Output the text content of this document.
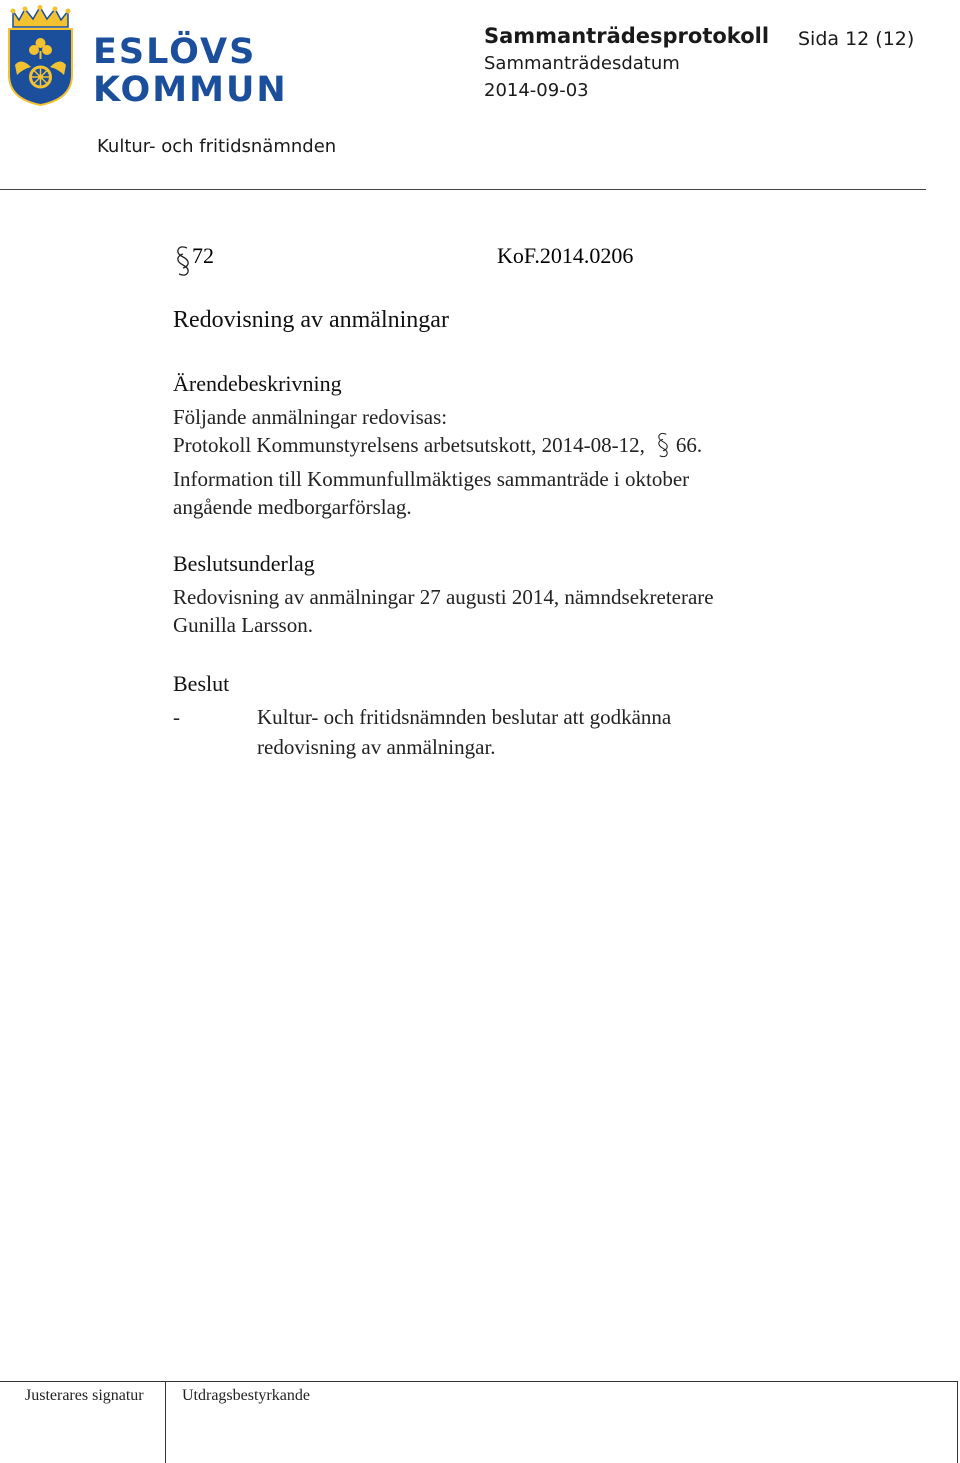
ESLÖVS
KOMMUN
Sammanträdesprotokoll Sida 12 (12)
Sammanträdesdatum
2014-09-03
Kultur- och fritidsnämnden
72	KoF.2014.0206
Redovisning av anmälningar
Ärendebeskrivning
Följande anmälningar redovisas:
Protokoll Kommunstyrelsens arbetsutskott, 2014-08-12, 66.
Information till Kommunfullmäktiges sammanträde i oktober
angående medborgarförslag.
Beslutsunderlag
Redovisning av anmälningar 27 augusti 2014, nämndsekreterare
Gunilla Larsson.
Beslut
-	Kultur- och fritidsnämnden beslutar att godkänna
redovisning av anmälningar.
Justerares signatur Utdragsbestyrkande
